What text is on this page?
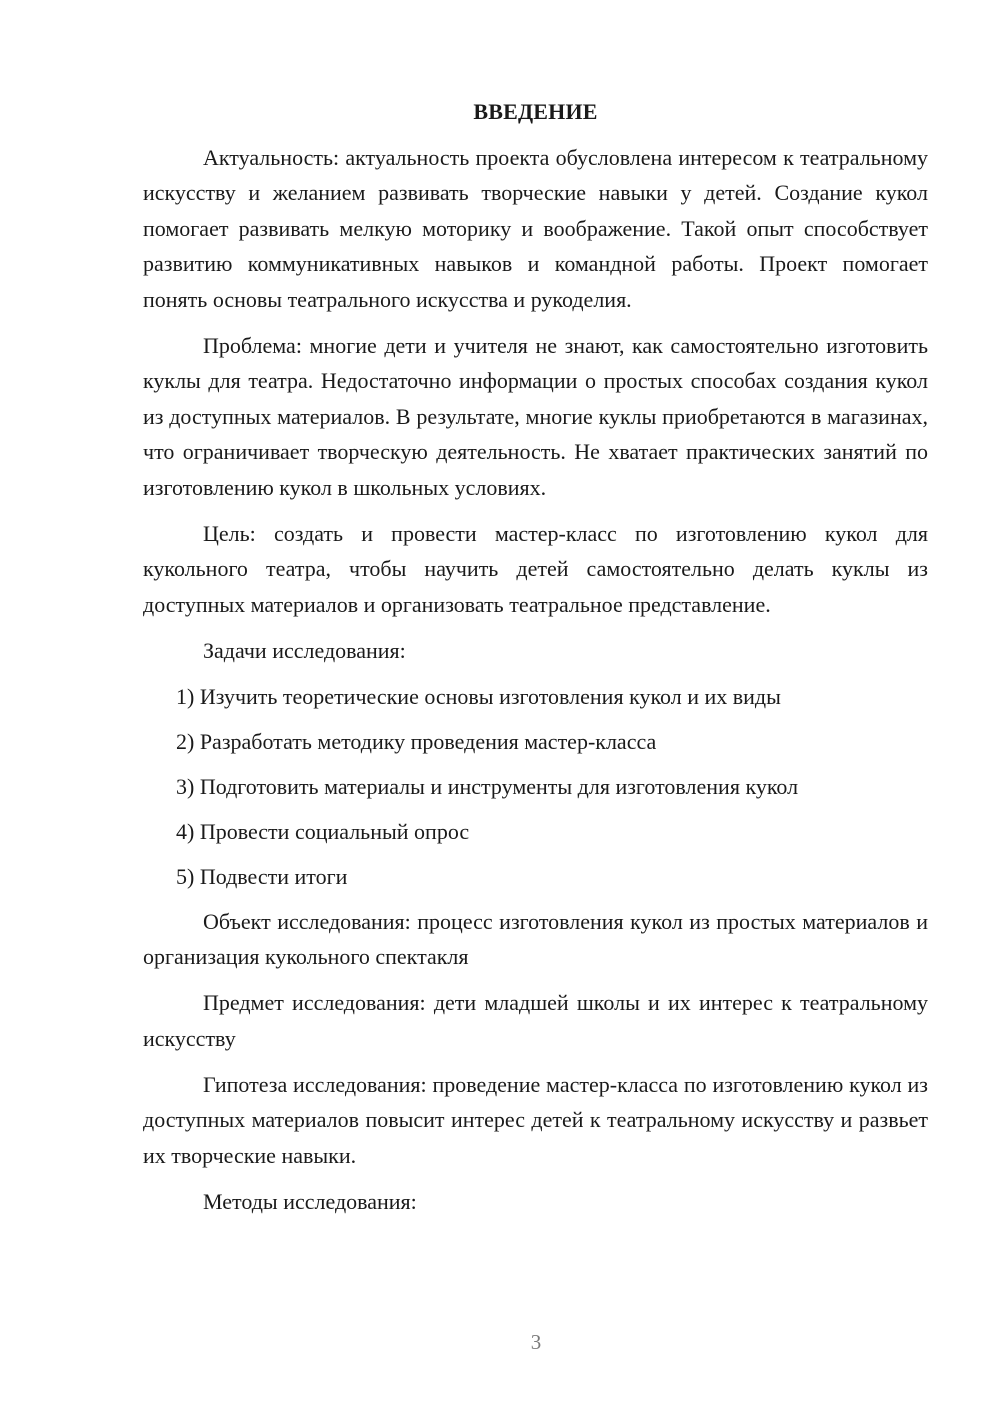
ВВЕДЕНИЕ

Актуальность: актуальность проекта обусловлена интересом к театральному искусству и желанием развивать творческие навыки у детей. Создание кукол помогает развивать мелкую моторику и воображение. Такой опыт способствует развитию коммуникативных навыков и командной работы. Проект помогает понять основы театрального искусства и рукоделия.

Проблема: многие дети и учителя не знают, как самостоятельно изготовить куклы для театра. Недостаточно информации о простых способах создания кукол из доступных материалов. В результате, многие куклы приобретаются в магазинах, что ограничивает творческую деятельность. Не хватает практических занятий по изготовлению кукол в школьных условиях.

Цель: создать и провести мастер-класс по изготовлению кукол для кукольного театра, чтобы научить детей самостоятельно делать куклы из доступных материалов и организовать театральное представление.

Задачи исследования:

1) Изучить теоретические основы изготовления кукол и их виды
2) Разработать методику проведения мастер-класса
3) Подготовить материалы и инструменты для изготовления кукол
4) Провести социальный опрос
5) Подвести итоги

Объект исследования: процесс изготовления кукол из простых материалов и организация кукольного спектакля

Предмет исследования: дети младшей школы и их интерес к театральному искусству

Гипотеза исследования: проведение мастер-класса по изготовлению кукол из доступных материалов повысит интерес детей к театральному искусству и развьет их творческие навыки.

Методы исследования:

3
